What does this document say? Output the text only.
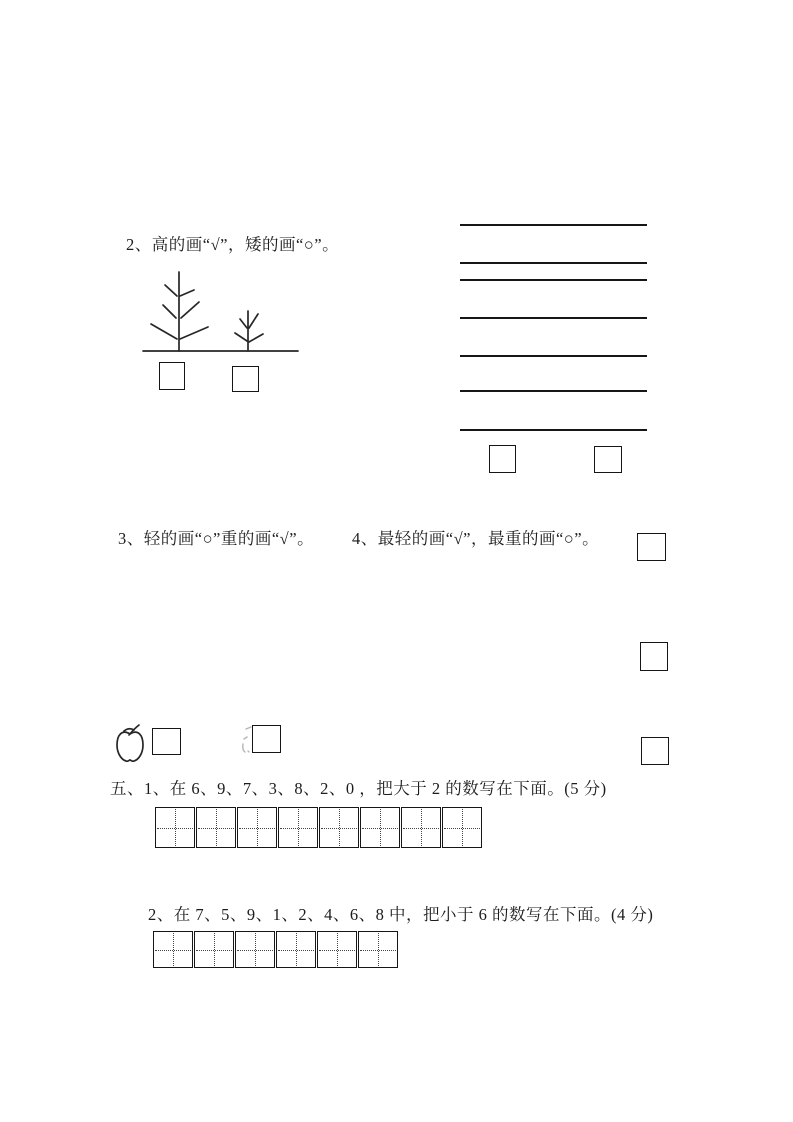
2、高的画“√”，矮的画“○”。
3、轻的画“○”重的画“√”。 4、最轻的画“√”，最重的画“○”。
五、1、在 6、9、7、3、8、2、0 ，把大于 2 的数写在下面。(5 分)
2、在 7、5、9、1、2、4、6、8 中，把小于 6 的数写在下面。(4 分)
